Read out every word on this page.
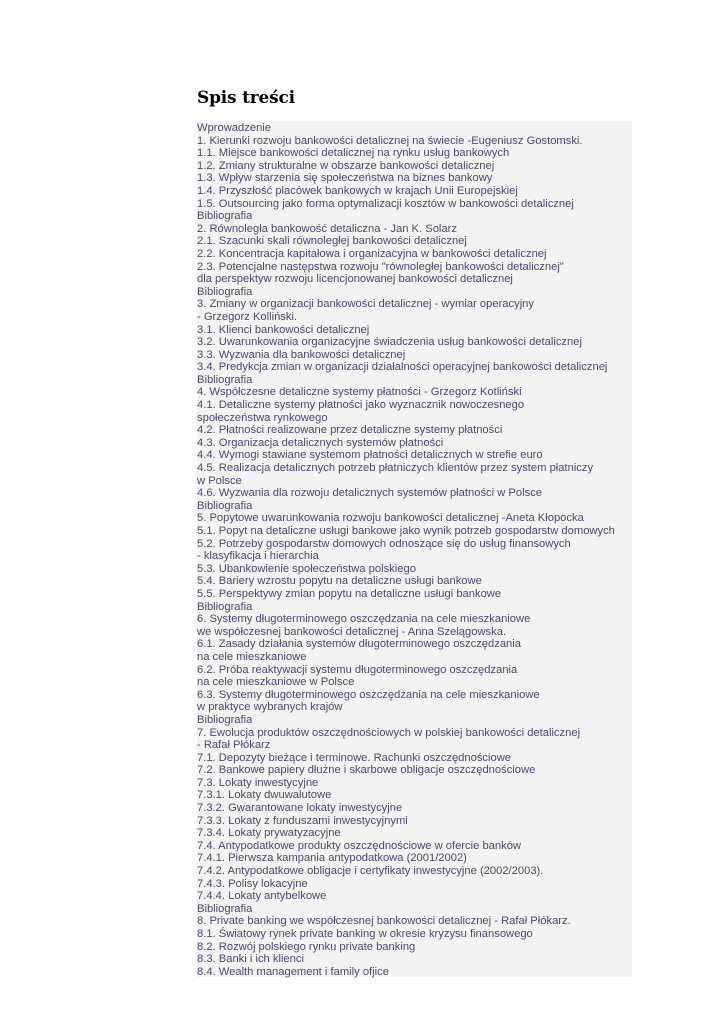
Spis treści
Wprowadzenie
1. Kierunki rozwoju bankowości detalicznej na świecie -Eugeniusz Gostomski.
1.1. Miejsce bankowości detalicznej na rynku usług bankowych
1.2. Zmiany strukturalne w obszarze bankowości detalicznej
1.3. Wpływ starzenia się społeczeństwa na biznes bankowy
1.4. Przyszłość placówek bankowych w krajach Unii Europejskiej
1.5. Outsourcing jako forma optymalizacji kosztów w bankowości detalicznej
Bibliografia
2. Równoległa bankowość detaliczna - Jan K. Solarz
2.1. Szacunki skali równoległej bankowości detalicznej
2.2. Koncentracja kapitałowa i organizacyjna w bankowości detalicznej
2.3. Potencjalne następstwa rozwoju "równoległej bankowości detalicznej"
dla perspektyw rozwoju licencjonowanej bankowości detalicznej
Bibliografia
3. Zmiany w organizacji bankowości detalicznej - wymiar operacyjny
- Grzegorz Kolliński.
3.1. Klienci bankowości detalicznej
3.2. Uwarunkowania organizacyjne świadczenia usług bankowości detalicznej
3.3. Wyzwania dla bankowości detalicznej
3.4. Predykcja zmian w organizacji działalności operacyjnej bankowości detalicznej
Bibliografia
4. Współczesne detaliczne systemy płatności - Grzegorz Kotliński
4.1. Detaliczne systemy płatności jako wyznacznik nowoczesnego
społeczeństwa rynkowego
4.2. Płatności realizowane przez detaliczne systemy płatności
4.3. Organizacja detalicznych systemów płatności
4.4. Wymogi stawiane systemom płatności detalicznych w strefie euro
4.5. Realizacja detalicznych potrzeb płatniczych klientów przez system płatniczy
w Polsce
4.6. Wyzwania dla rozwoju detalicznych systemów płatności w Polsce
Bibliografia
5. Popytowe uwarunkowania rozwoju bankowości detalicznej -Aneta Kłopocka
5.1. Popyt na detaliczne usługi bankowe jako wynik potrzeb gospodarstw domowych
5.2. Potrzeby gospodarstw domowych odnoszące się do usług finansowych
- klasyfikacja i hierarchia
5.3. Ubankowienie społeczeństwa polskiego
5.4. Bariery wzrostu popytu na detaliczne usługi bankowe
5.5. Perspektywy zmian popytu na detaliczne usługi bankowe
Bibliografia
6. Systemy długoterminowego oszczędzania na cele mieszkaniowe
we współczesnej bankowości detalicznej - Anna Szelągowska.
6.1. Zasady działania systemów długoterminowego oszczędzania
na cele mieszkaniowe
6.2. Próba reaktywacji systemu długoterminowego oszczędzania
na cele mieszkaniowe w Polsce
6.3. Systemy długoterminowego oszczędzania na cele mieszkaniowe
w praktyce wybranych krajów
Bibliografia
7. Ewolucja produktów oszczędnościowych w polskiej bankowości detalicznej
- Rafał Płókarz
7.1. Depozyty bieżące i terminowe. Rachunki oszczędnościowe
7.2. Bankowe papiery dłużne i skarbowe obligacje oszczędnościowe
7.3. Lokaty inwestycyjne
7.3.1. Lokaty dwuwalutowe
7.3.2. Gwarantowane lokaty inwestycyjne
7.3.3. Lokaty z funduszami inwestycyjnymi
7.3.4. Lokaty prywatyzacyjne
7.4. Antypodatkowe produkty oszczędnościowe w ofercie banków
7.4.1. Pierwsza kampania antypodatkowa (2001/2002)
7.4.2. Antypodatkowe obligacje i certyfikaty inwestycyjne (2002/2003).
7.4.3. Polisy lokacyjne
7.4.4. Lokaty antybelkowe
Bibliografia
8. Private banking we współczesnej bankowości detalicznej - Rafał Płókarz.
8.1. Światowy rynek private banking w okresie kryzysu finansowego
8.2. Rozwój polskiego rynku private banking
8.3. Banki i ich klienci
8.4. Wealth management i family ofjice
